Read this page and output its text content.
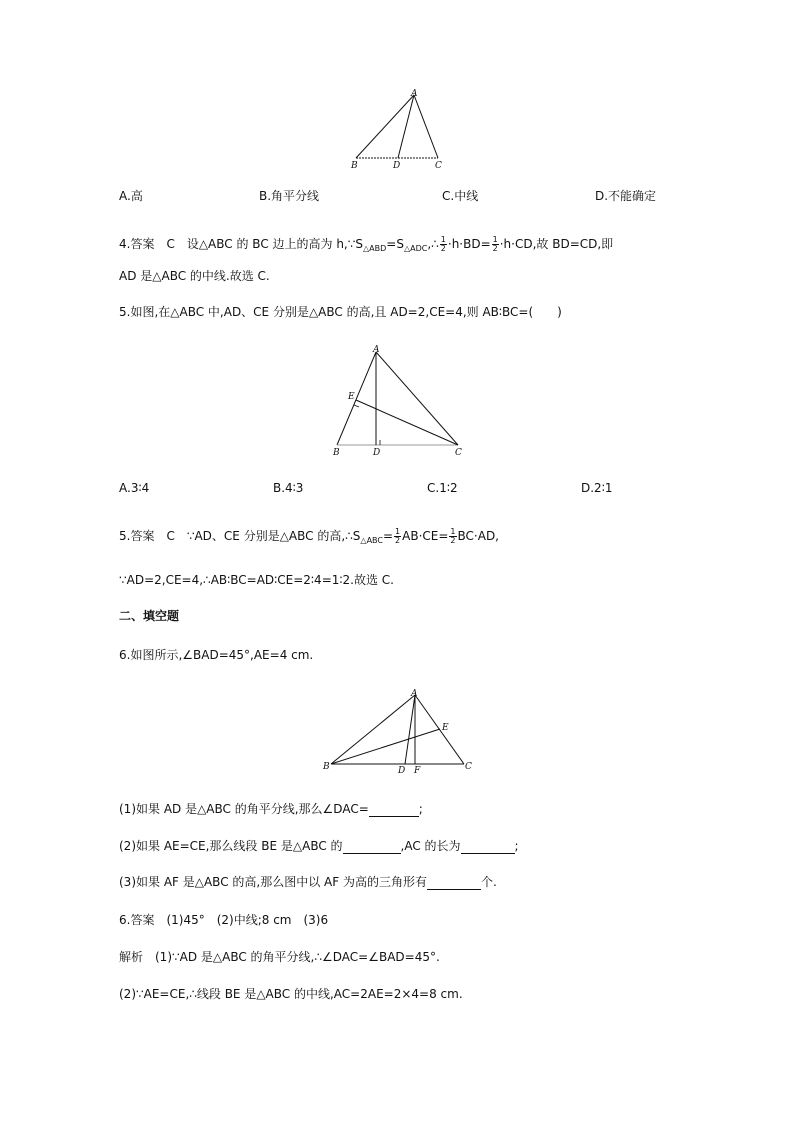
A
B	D	C
A.高	B.角平分线	C.中线	D.不能确定
4.答案　C　设△ABC 的 BC 边上的高为 $h,\because S_{\triangle ABD}=S_{\triangle ADC},\therefore \frac{1}{2} \cdot h\cdot BD= \frac{1}{2} \cdot h\cdot CD$,故 BD=CD,即
AD 是△ABC 的中线.故选 C.
5.如图,在△ABC 中,AD、CE 分别是△ABC 的高,且 AD=2,CE=4,则 AB∶BC=(　　)
A
E
B	D	C
A.3∶4	B.4∶3	C.1∶2	D.2∶1
5.答案　C　∵AD、CE 分别是△ABC 的高$,\therefore S_{\triangle ABC}= \frac{1}{2} AB\cdot CE= \frac{1}{2} BC\cdot AD$,
∵AD=2,CE=4,∴AB∶BC=AD∶CE=2∶4=1∶2.故选 C.
二、填空题
6.如图所示,∠BAD=45°,AE=4 cm.
A
E
B	D F	C
(1)如果 AD 是△ABC 的角平分线,那么∠DAC=	;
(2)如果 AE=CE,那么线段 BE 是△ABC 的	,AC 的长为	;
(3)如果 AF 是△ABC 的高,那么图中以 AF 为高的三角形有	个.
6.答案　(1)45°　(2)中线;8 cm　(3)6
解析　(1)∵AD 是△ABC 的角平分线,∴∠DAC=∠BAD=45°.
(2)∵AE=CE,∴线段 BE 是△ABC 的中线,AC=2AE=2×4=8 cm.
